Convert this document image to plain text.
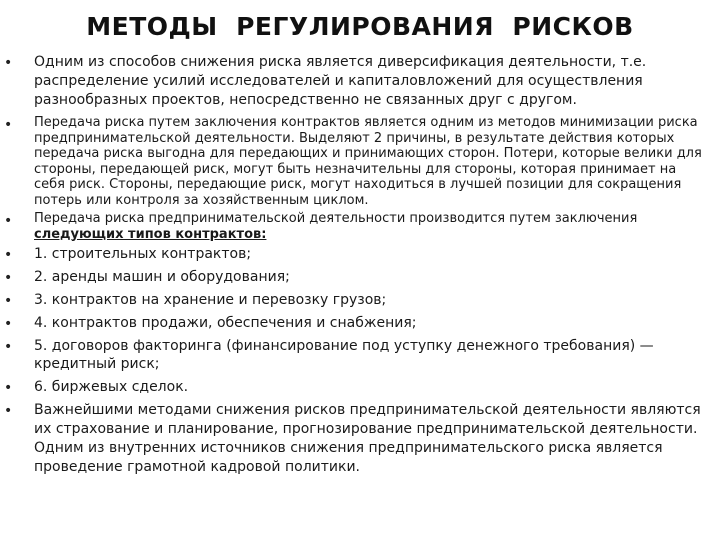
МЕТОДЫ  РЕГУЛИРОВАНИЯ  РИСКОВ
•	Одним из способов снижения риска является диверсификация деятельности, т.е. распределение усилий исследователей и капиталовложений для осуществления разнообразных проектов, непосредственно не связанных друг с другом.
•	Передача риска путем заключения контрактов является одним из методов минимизации риска предпринимательской деятельности. Выделяют 2 причины, в результате действия которых передача риска выгодна для передающих и принимающих сторон. Потери, которые велики для стороны, передающей риск, могут быть незначительны для стороны, которая принимает на себя риск. Стороны, передающие риск, могут находиться в лучшей позиции для сокращения потерь или контроля за хозяйственным циклом.
•	Передача риска предпринимательской деятельности производится путем заключения следующих типов контрактов:
•	1. строительных контрактов;
•	2. аренды машин и оборудования;
•	3. контрактов на хранение и перевозку грузов;
•	4. контрактов продажи, обеспечения и снабжения;
•	5. договоров факторинга (финансирование под уступку денежного требования) — кредитный риск;
•	6. биржевых сделок.
•	Важнейшими методами снижения рисков предпринимательской деятельности являются их страхование и планирование, прогнозирование предпринимательской деятельности. Одним из внутренних источников снижения предпринимательского риска является проведение грамотной кадровой политики.
